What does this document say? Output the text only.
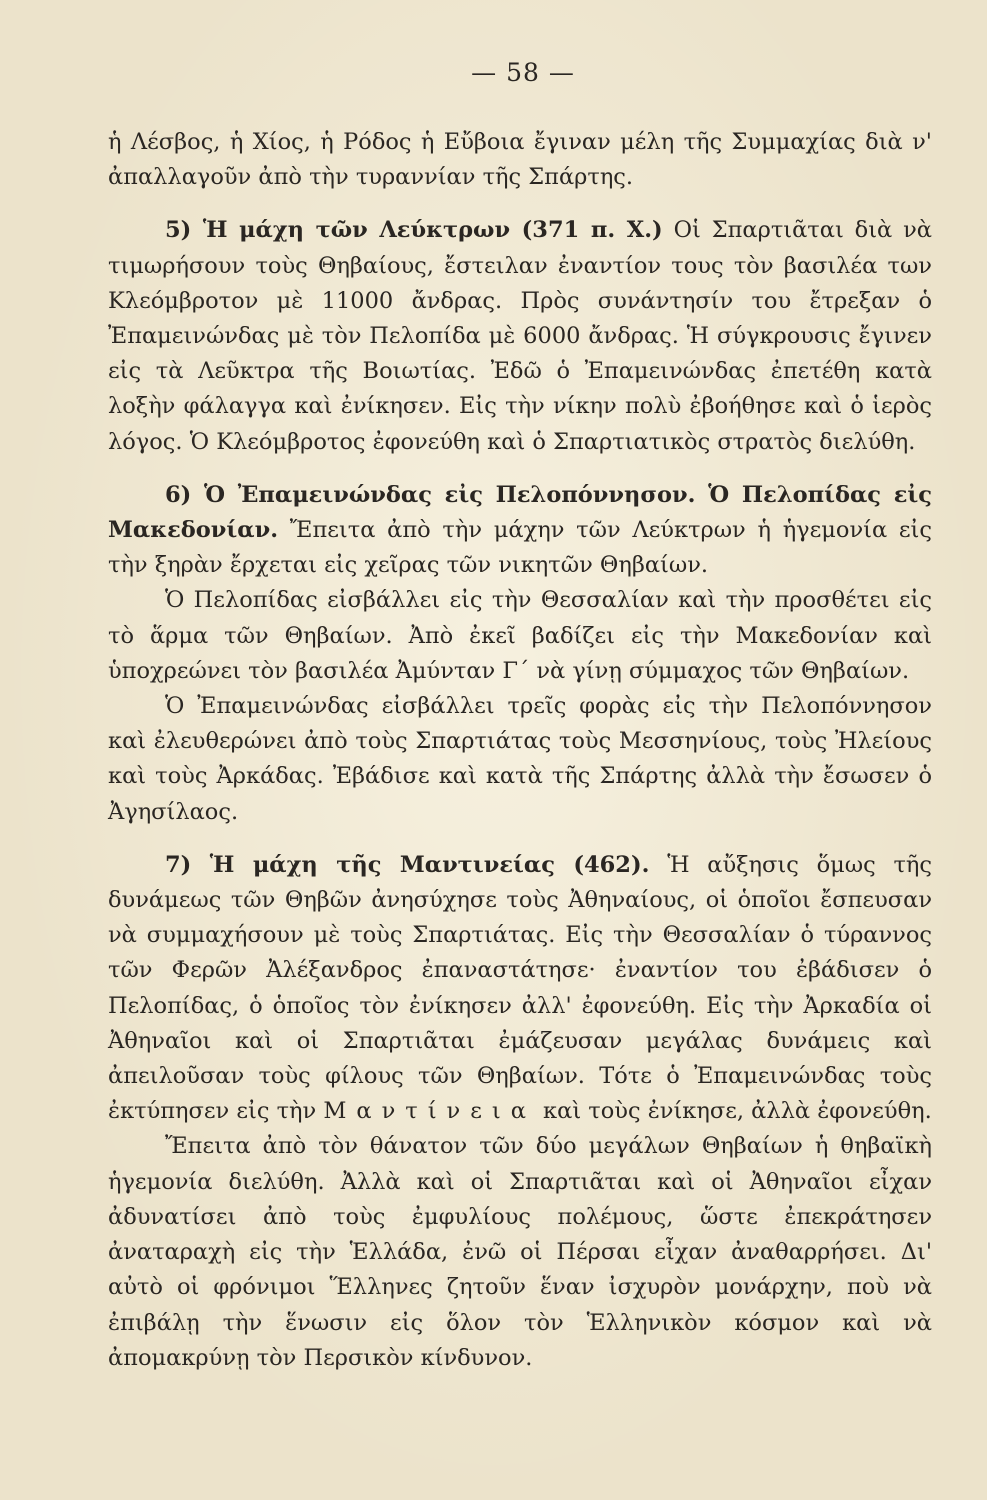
— 58 —

ἡ Λέσβος, ἡ Χίος, ἡ Ρόδος ἡ Εὔβοια ἔγιναν μέλη τῆς Συμμαχίας διὰ ν' ἀπαλλαγοῦν ἀπὸ τὴν τυραννίαν τῆς Σπάρτης.

5) Ἡ μάχη τῶν Λεύκτρων (371 π. Χ.) Οἱ Σπαρτιᾶται διὰ νὰ τιμωρήσουν τοὺς Θηβαίους, ἔστειλαν ἐναντίον τους τὸν βασιλέα των Κλεόμβροτον μὲ 11000 ἄνδρας. Πρὸς συνάντησίν του ἔτρεξαν ὁ Ἐπαμεινώνδας μὲ τὸν Πελοπίδα μὲ 6000 ἄνδρας. Ἡ σύγκρουσις ἔγινεν εἰς τὰ Λεῦκτρα τῆς Βοιωτίας. Ἐδῶ ὁ Ἐπαμεινώνδας ἐπετέθη κατὰ λοξὴν φάλαγγα καὶ ἐνίκησεν. Εἰς τὴν νίκην πολὺ ἐβοήθησε καὶ ὁ ἱερὸς λόγος. Ὁ Κλεόμβροτος ἐφονεύθη καὶ ὁ Σπαρτιατικὸς στρατὸς διελύθη.

6) Ὁ Ἐπαμεινώνδας εἰς Πελοπόννησον. Ὁ Πελοπίδας εἰς Μακεδονίαν. Ἔπειτα ἀπὸ τὴν μάχην τῶν Λεύκτρων ἡ ἡγεμονία εἰς τὴν ξηρὰν ἔρχεται εἰς χεῖρας τῶν νικητῶν Θηβαίων.

Ὁ Πελοπίδας εἰσβάλλει εἰς τὴν Θεσσαλίαν καὶ τὴν προσθέτει εἰς τὸ ἅρμα τῶν Θηβαίων. Ἀπὸ ἐκεῖ βαδίζει εἰς τὴν Μακεδονίαν καὶ ὑποχρεώνει τὸν βασιλέα Ἀμύνταν Γ΄ νὰ γίνῃ σύμμαχος τῶν Θηβαίων.

Ὁ Ἐπαμεινώνδας εἰσβάλλει τρεῖς φορὰς εἰς τὴν Πελοπόννησον καὶ ἐλευθερώνει ἀπὸ τοὺς Σπαρτιάτας τοὺς Μεσσηνίους, τοὺς Ἠλείους καὶ τοὺς Ἀρκάδας. Ἐβάδισε καὶ κατὰ τῆς Σπάρτης ἀλλὰ τὴν ἔσωσεν ὁ Ἀγησίλαος.

7) Ἡ μάχη τῆς Μαντινείας (462). Ἡ αὔξησις ὅμως τῆς δυνάμεως τῶν Θηβῶν ἀνησύχησε τοὺς Ἀθηναίους, οἱ ὁποῖοι ἔσπευσαν νὰ συμμαχήσουν μὲ τοὺς Σπαρτιάτας. Εἰς τὴν Θεσσαλίαν ὁ τύραννος τῶν Φερῶν Ἀλέξανδρος ἐπαναστάτησε· ἐναντίον του ἐβάδισεν ὁ Πελοπίδας, ὁ ὁποῖος τὸν ἐνίκησεν ἀλλ' ἐφονεύθη. Εἰς τὴν Ἀρκαδία οἱ Ἀθηναῖοι καὶ οἱ Σπαρτιᾶται ἐμάζευσαν μεγάλας δυνάμεις καὶ ἀπειλοῦσαν τοὺς φίλους τῶν Θηβαίων. Τότε ὁ Ἐπαμεινώνδας τοὺς ἐκτύπησεν εἰς τὴν Μαντίνεια καὶ τοὺς ἐνίκησε, ἀλλὰ ἐφονεύθη.

Ἔπειτα ἀπὸ τὸν θάνατον τῶν δύο μεγάλων Θηβαίων ἡ θηβαϊκὴ ἡγεμονία διελύθη. Ἀλλὰ καὶ οἱ Σπαρτιᾶται καὶ οἱ Ἀθηναῖοι εἶχαν ἀδυνατίσει ἀπὸ τοὺς ἐμφυλίους πολέμους, ὥστε ἐπεκράτησεν ἀναταραχὴ εἰς τὴν Ἑλλάδα, ἐνῶ οἱ Πέρσαι εἶχαν ἀναθαρρήσει. Δι' αὐτὸ οἱ φρόνιμοι Ἕλληνες ζητοῦν ἕναν ἰσχυρὸν μονάρχην, ποὺ νὰ ἐπιβάλῃ τὴν ἕνωσιν εἰς ὅλον τὸν Ἑλληνικὸν κόσμον καὶ νὰ ἀπομακρύνῃ τὸν Περσικὸν κίνδυνον.
